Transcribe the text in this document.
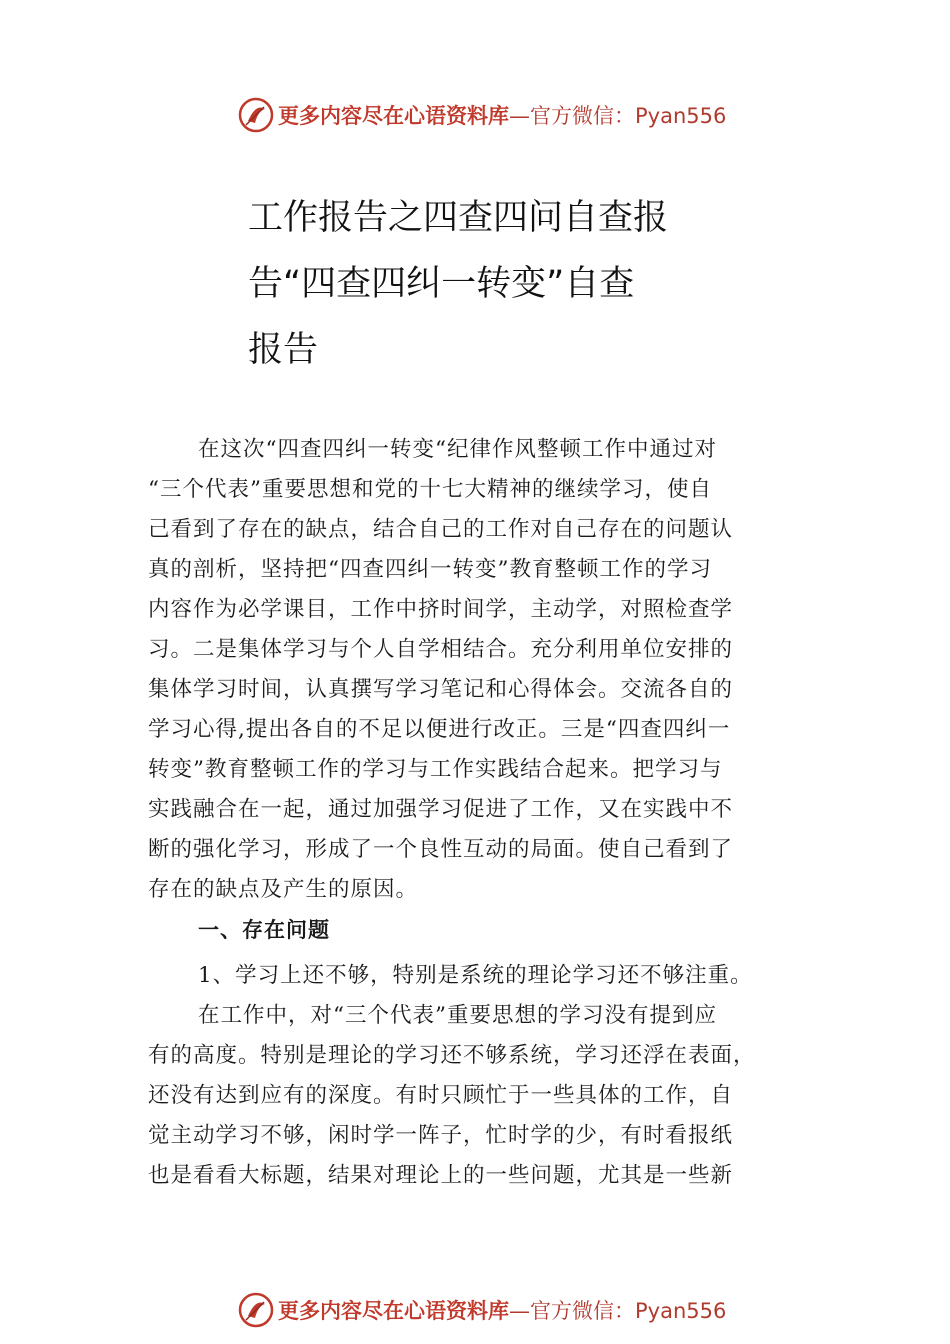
更多内容尽在心语资料库 —官方微信：Pyan556
工作报告之四查四问自查报
告“四查四纠一转变”自查
报告
在这次“四查四纠一转变“纪律作风整顿工作中通过对
“三个代表”重要思想和党的十七大精神的继续学习，使自
己看到了存在的缺点，结合自己的工作对自己存在的问题认
真的剖析，坚持把“四查四纠一转变”教育整顿工作的学习
内容作为必学课目，工作中挤时间学，主动学，对照检查学
习。二是集体学习与个人自学相结合。充分利用单位安排的
集体学习时间，认真撰写学习笔记和心得体会。交流各自的
学习心得,提出各自的不足以便进行改正。三是“四查四纠一
转变”教育整顿工作的学习与工作实践结合起来。把学习与
实践融合在一起，通过加强学习促进了工作，又在实践中不
断的强化学习，形成了一个良性互动的局面。使自己看到了
存在的缺点及产生的原因。
一、存在问题
1、学习上还不够，特别是系统的理论学习还不够注重。
在工作中，对“三个代表”重要思想的学习没有提到应
有的高度。特别是理论的学习还不够系统，学习还浮在表面，
还没有达到应有的深度。有时只顾忙于一些具体的工作，自
觉主动学习不够，闲时学一阵子，忙时学的少，有时看报纸
也是看看大标题，结果对理论上的一些问题，尤其是一些新
更多内容尽在心语资料库 —官方微信：Pyan556
